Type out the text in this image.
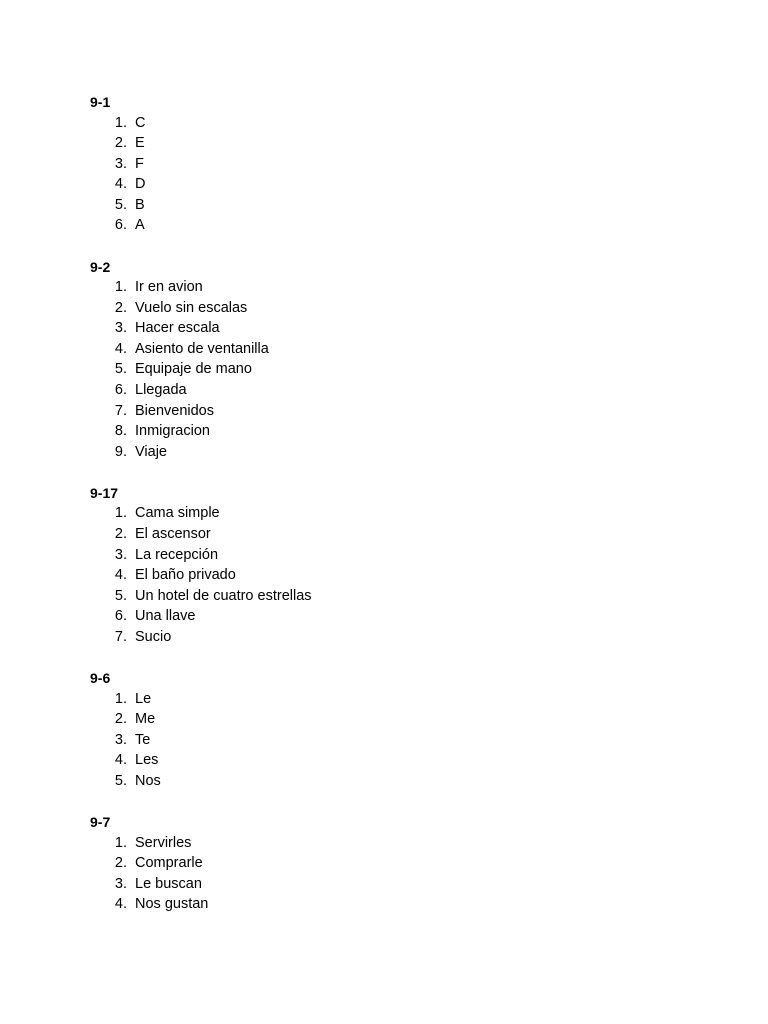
9-1
1. C
2. E
3. F
4. D
5. B
6. A
9-2
1. Ir en avion
2. Vuelo sin escalas
3. Hacer escala
4. Asiento de ventanilla
5. Equipaje de mano
6. Llegada
7. Bienvenidos
8. Inmigracion
9. Viaje
9-17
1. Cama simple
2. El ascensor
3. La recepción
4. El baño privado
5. Un hotel de cuatro estrellas
6. Una llave
7. Sucio
9-6
1. Le
2. Me
3. Te
4. Les
5. Nos
9-7
1. Servirles
2. Comprarle
3. Le buscan
4. Nos gustan
